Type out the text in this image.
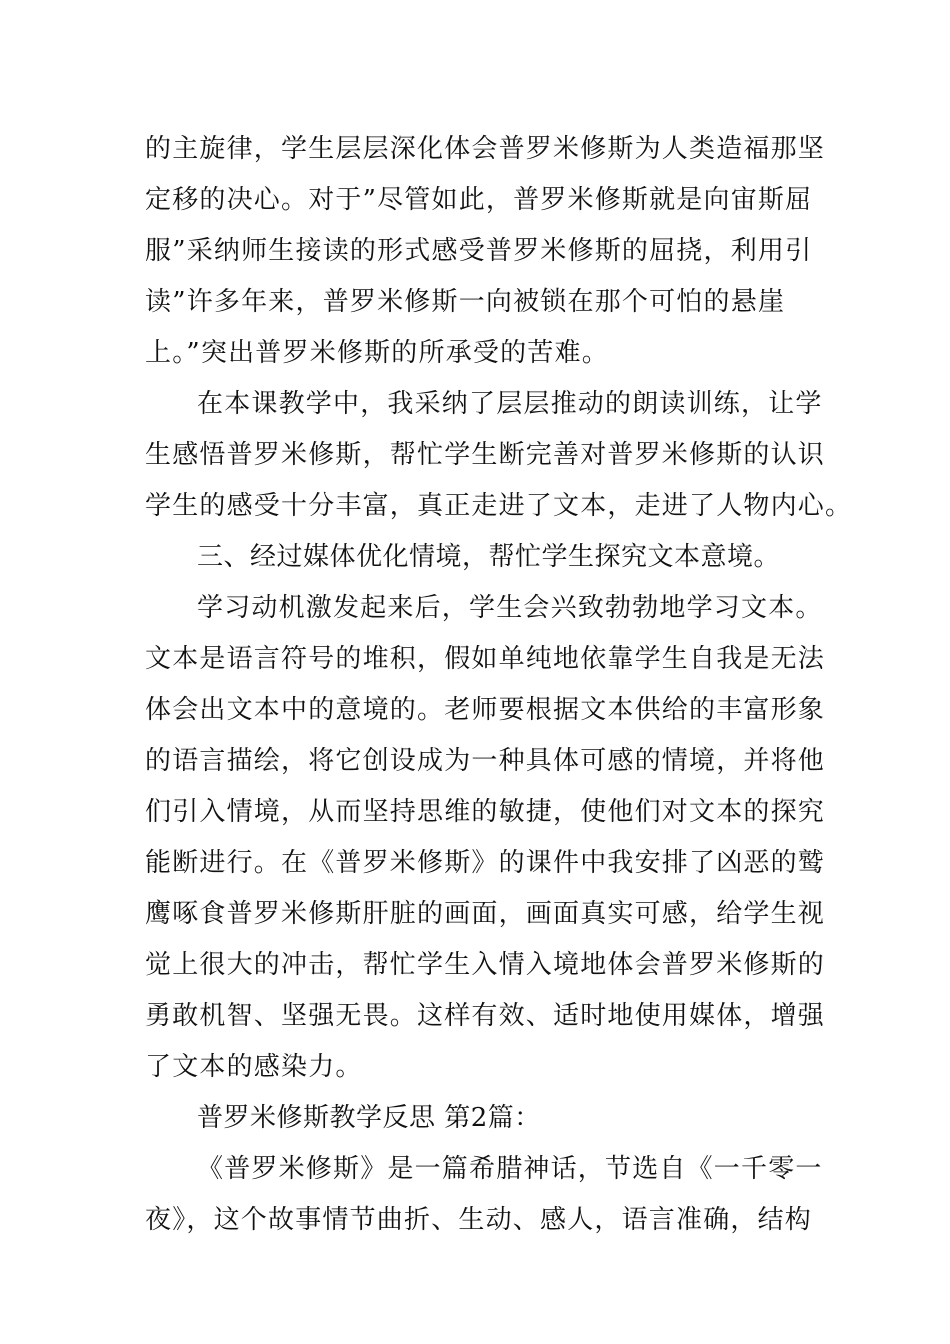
的主旋律，学生层层深化体会普罗米修斯为人类造福那坚
定移的决心。对于”尽管如此，普罗米修斯就是向宙斯屈
服”采纳师生接读的形式感受普罗米修斯的屈挠，利用引
读”许多年来，普罗米修斯一向被锁在那个可怕的悬崖
上。”突出普罗米修斯的所承受的苦难。
在本课教学中，我采纳了层层推动的朗读训练，让学
生感悟普罗米修斯，帮忙学生断完善对普罗米修斯的认识
学生的感受十分丰富，真正走进了文本，走进了人物内心。
三、经过媒体优化情境，帮忙学生探究文本意境。
学习动机激发起来后，学生会兴致勃勃地学习文本。
文本是语言符号的堆积，假如单纯地依靠学生自我是无法
体会出文本中的意境的。老师要根据文本供给的丰富形象
的语言描绘，将它创设成为一种具体可感的情境，并将他
们引入情境，从而坚持思维的敏捷，使他们对文本的探究
能断进行。在《普罗米修斯》的课件中我安排了凶恶的鹫
鹰啄食普罗米修斯肝脏的画面，画面真实可感，给学生视
觉上很大的冲击，帮忙学生入情入境地体会普罗米修斯的
勇敢机智、坚强无畏。这样有效、适时地使用媒体，增强
了文本的感染力。
普罗米修斯教学反思 第2篇：
《普罗米修斯》是一篇希腊神话，节选自《一千零一
夜》，这个故事情节曲折、生动、感人，语言准确，结构
